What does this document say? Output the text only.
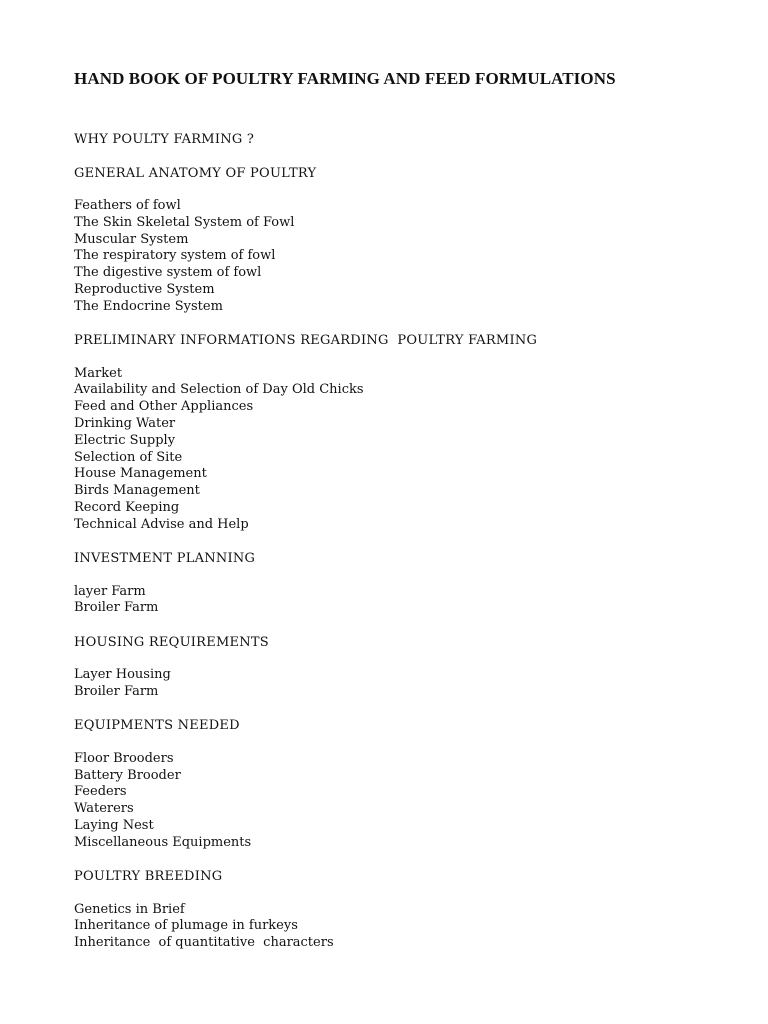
HAND BOOK OF POULTRY FARMING AND FEED FORMULATIONS
WHY POULTY FARMING ?
GENERAL ANATOMY OF POULTRY
Feathers of fowl
The Skin Skeletal System of Fowl
Muscular System
The respiratory system of fowl
The digestive system of fowl
Reproductive System
The Endocrine System
PRELIMINARY INFORMATIONS REGARDING  POULTRY FARMING
Market
Availability and Selection of Day Old Chicks
Feed and Other Appliances
Drinking Water
Electric Supply
Selection of Site
House Management
Birds Management
Record Keeping
Technical Advise and Help
INVESTMENT PLANNING
layer Farm
Broiler Farm
HOUSING REQUIREMENTS
Layer Housing
Broiler Farm
EQUIPMENTS NEEDED
Floor Brooders
Battery Brooder
Feeders
Waterers
Laying Nest
Miscellaneous Equipments
POULTRY BREEDING
Genetics in Brief
Inheritance of plumage in furkeys
Inheritance  of quantitative  characters
